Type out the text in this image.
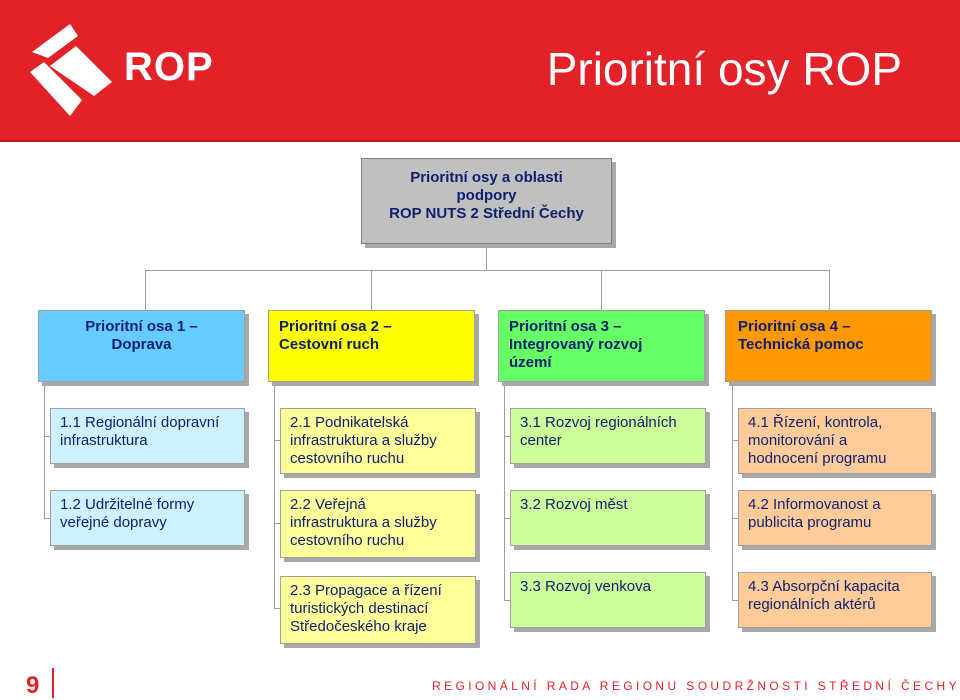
ROP	Prioritní osy ROP
Prioritní osy a oblasti
podpory
ROP NUTS 2 Střední Čechy
Prioritní osa 1 –
Doprava
Prioritní osa 2 –
Cestovní ruch
Prioritní osa 3 –
Integrovaný rozvoj
území
Prioritní osa 4 –
Technická pomoc
1.1 Regionální dopravní
infrastruktura
1.2 Udržitelné formy
veřejné dopravy
2.1 Podnikatelská
infrastruktura a služby
cestovního ruchu
2.2 Veřejná
infrastruktura a služby
cestovního ruchu
2.3 Propagace a řízení
turistických destinací
Středočeského kraje
3.1 Rozvoj regionálních
center
3.2 Rozvoj měst
3.3 Rozvoj venkova
4.1 Řízení, kontrola,
monitorování a
hodnocení programu
4.2 Informovanost a
publicita programu
4.3 Absorpční kapacita
regionálních aktérů
9	REGIONÁLNÍ RADA REGIONU SOUDRŽNOSTI STŘEDNÍ ČECHY
